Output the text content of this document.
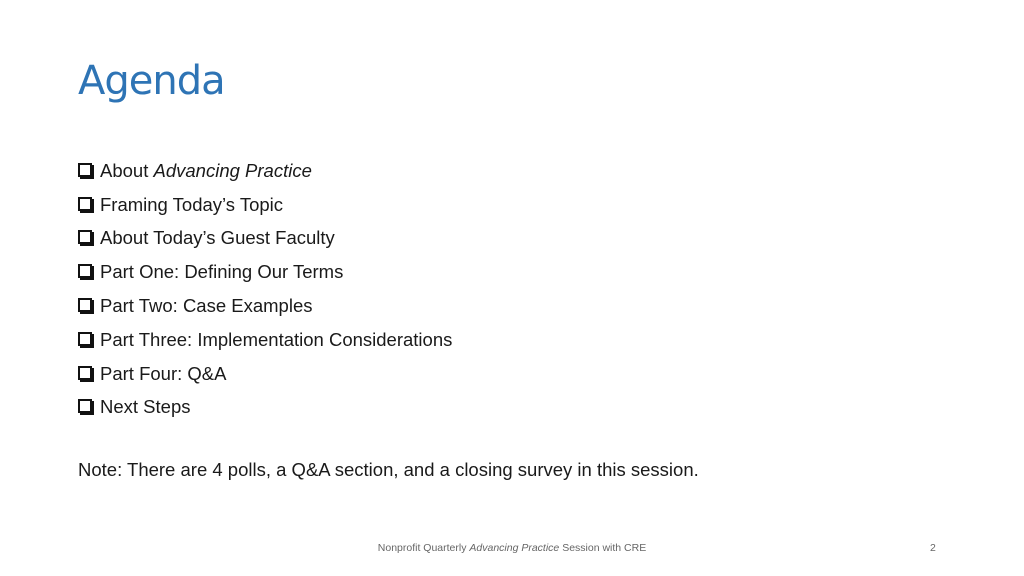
Agenda
About Advancing Practice
Framing Today’s Topic
About Today’s Guest Faculty
Part One: Defining Our Terms
Part Two: Case Examples
Part Three: Implementation Considerations
Part Four: Q&A
Next Steps

Note: There are 4 polls, a Q&A section, and a closing survey in this session.

Nonprofit Quarterly Advancing Practice Session with CRE	2
